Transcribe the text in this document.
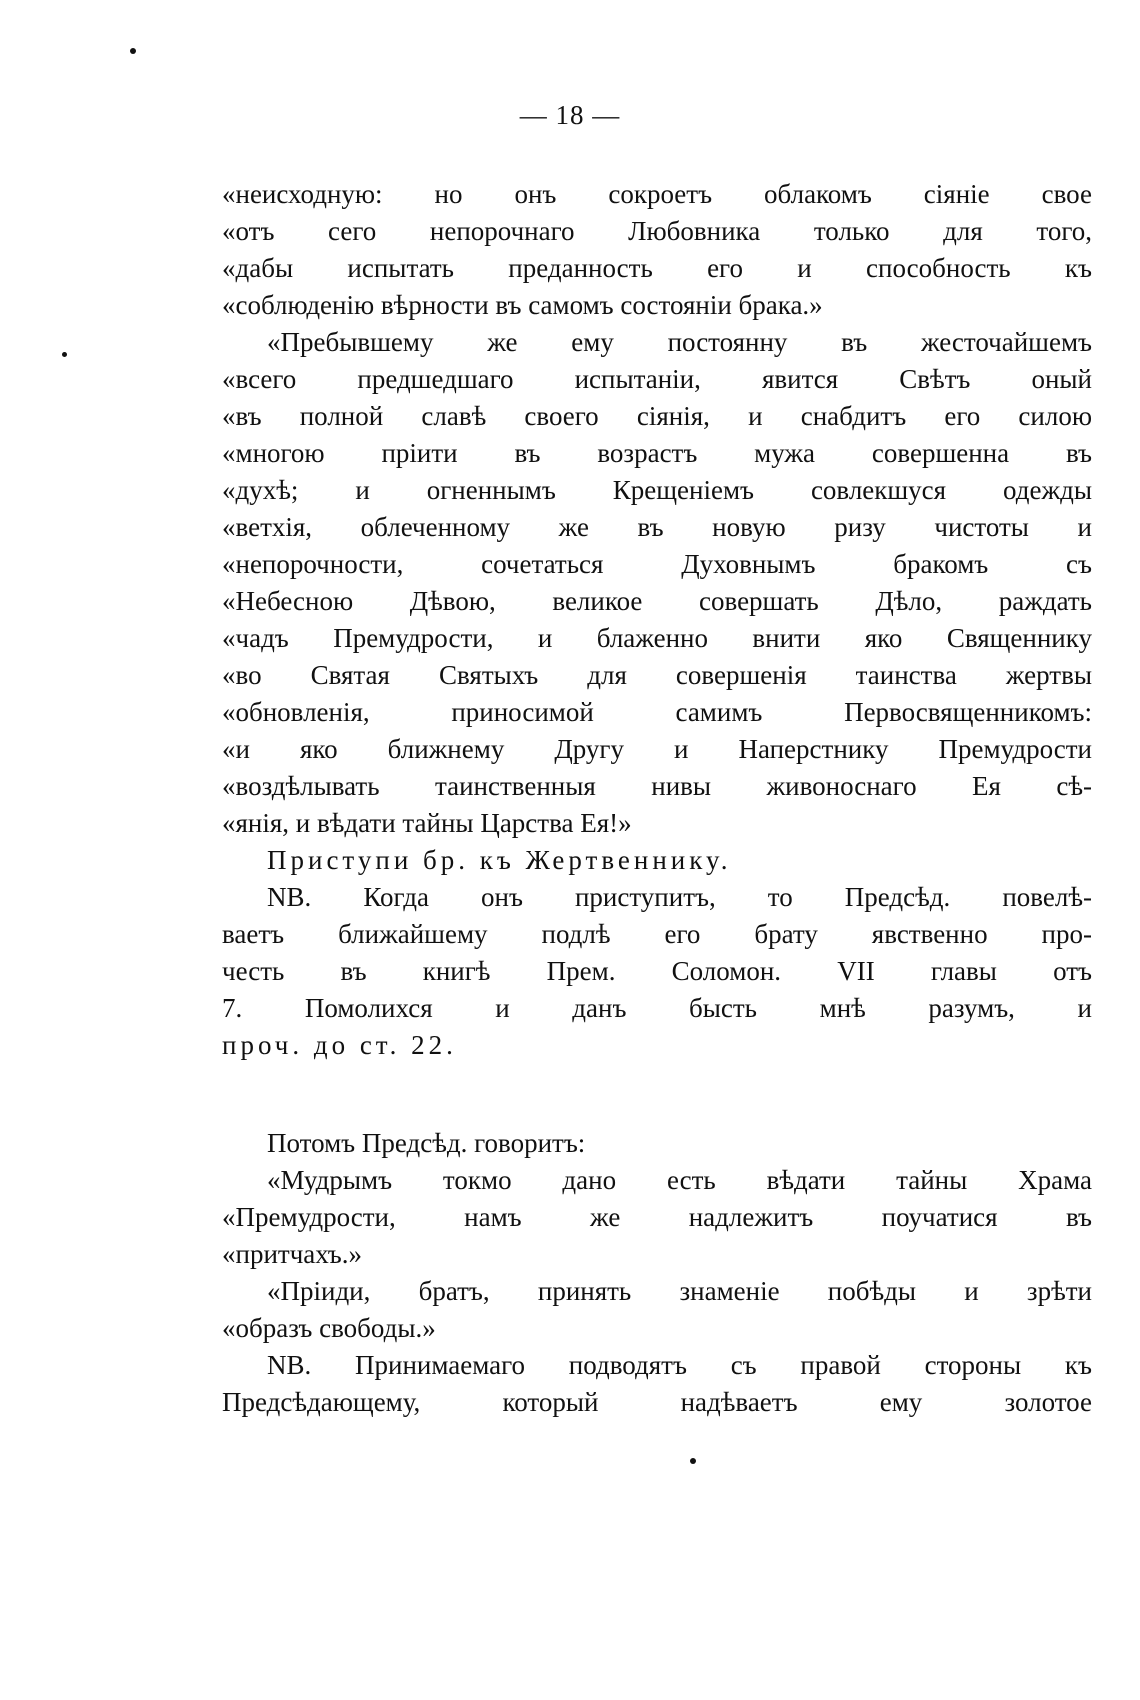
— 18 —
«неисходную: но онъ сокроетъ облакомъ сіяніе свое
«отъ сего непорочнаго Любовника только для того,
«дабы испытать преданность его и способность къ
«соблюденію вѣрности въ самомъ состояніи брака.»
«Пребывшему же ему постоянну въ жесточайшемъ
«всего предшедшаго испытаніи, явится Свѣтъ оный
«въ полной славѣ своего сіянія, и снабдитъ его силою
«многою пріити въ возрастъ мужа совершенна въ
«духѣ; и огненнымъ Крещеніемъ совлекшуся одежды
«ветхія, облеченному же въ новую ризу чистоты и
«непорочности, сочетаться Духовнымъ бракомъ съ
«Небесною Дѣвою, великое совершать Дѣло, раждать
«чадъ Премудрости, и блаженно внити яко Священнику
«во Святая Святыхъ для совершенія таинства жертвы
«обновленія, приносимой самимъ Первосвященникомъ:
«и яко ближнему Другу и Наперстнику Премудрости
«воздѣлывать таинственныя нивы живоноснаго Ея сѣ-
«янія, и вѣдати тайны Царства Ея!»
Приступи бр. къ Жертвеннику.
NB. Когда онъ приступитъ, то Предсѣд. повелѣ-
ваетъ ближайшему подлѣ его брату явственно про-
честь въ книгѣ Прем. Соломон. VII главы отъ
7. Помолихся и данъ бысть мнѣ разумъ, и
проч. до ст. 22.
Потомъ Предсѣд. говоритъ:
«Мудрымъ токмо дано есть вѣдати тайны Храма
«Премудрости, намъ же надлежитъ поучатися въ
«притчахъ.»
«Пріиди, братъ, принять знаменіе побѣды и зрѣти
«образъ свободы.»
NB. Принимаемаго подводятъ съ правой стороны къ
Предсѣдающему, который надѣваетъ ему золотое
